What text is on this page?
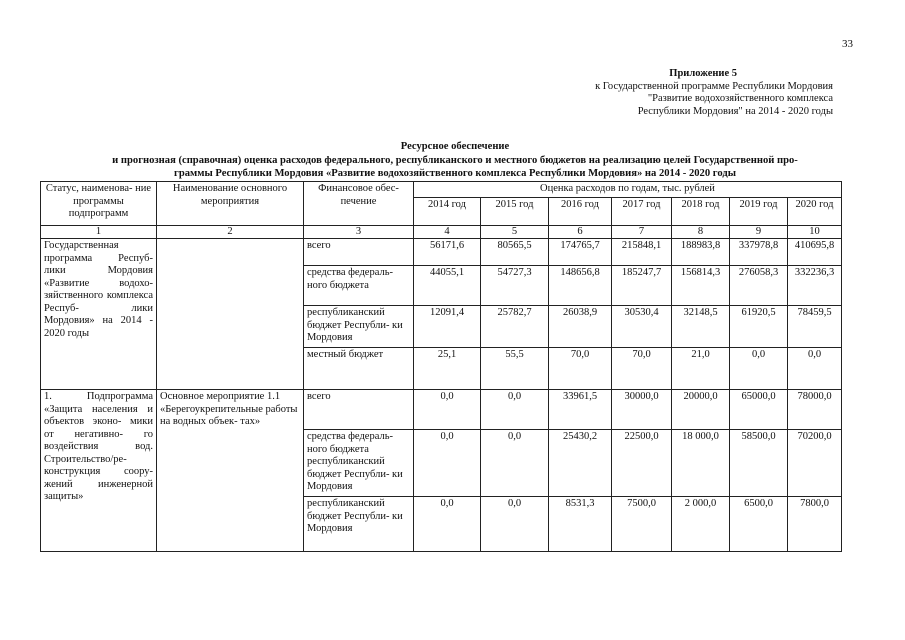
33
Приложение 5
к Государственной программе Республики Мордовия
"Развитие водохозяйственного комплекса
Республики Мордовия" на 2014 - 2020 годы
Ресурсное обеспечение
и прогнозная (справочная) оценка расходов федерального, республиканского и местного бюджетов на реализацию целей Государственной про-
граммы Республики Мордовия «Развитие водохозяйственного комплекса Республики Мордовия» на 2014 - 2020 годы
Статус, наименова- ние программы подпрограмм	Наименование основного мероприятия	Финансовое обес- печение	Оценка расходов по годам, тыс. рублей						
			2014 год	2015 год	2016 год	2017 год	2018 год	2019 год	2020 год
1	2	3	4	5	6	7	8	9	10
Государственная программа Респуб- лики Мордовия «Развитие водохо- зяйственного комплекса Респуб- лики Мордовия» на 2014 - 2020 годы		всего	56171,6	80565,5	174765,7	215848,1	188983,8	337978,8	410695,8
		средства федераль- ного бюджета	44055,1	54727,3	148656,8	185247,7	156814,3	276058,3	332236,3
		республиканский бюджет Республи- ки Мордовия	12091,4	25782,7	26038,9	30530,4	32148,5	61920,5	78459,5
		местный бюджет	25,1	55,5	70,0	70,0	21,0	0,0	0,0
1. Подпрограмма «Защита населения и объектов эконо- мики от негативно- го воздействия вод. Строительство/ре- конструкция соору- жений инженерной защиты»	Основное мероприятие 1.1 «Берегоукрепительные работы на водных объек- тах»	всего	0,0	0,0	33961,5	30000,0	20000,0	65000,0	78000,0
		средства федераль- ного бюджета республиканский бюджет Республи- ки Мордовия	0,0	0,0	25430,2	22500,0	18 000,0	58500,0	70200,0
		республиканский бюджет Республи- ки Мордовия	0,0	0,0	8531,3	7500,0	2 000,0	6500,0	7800,0
